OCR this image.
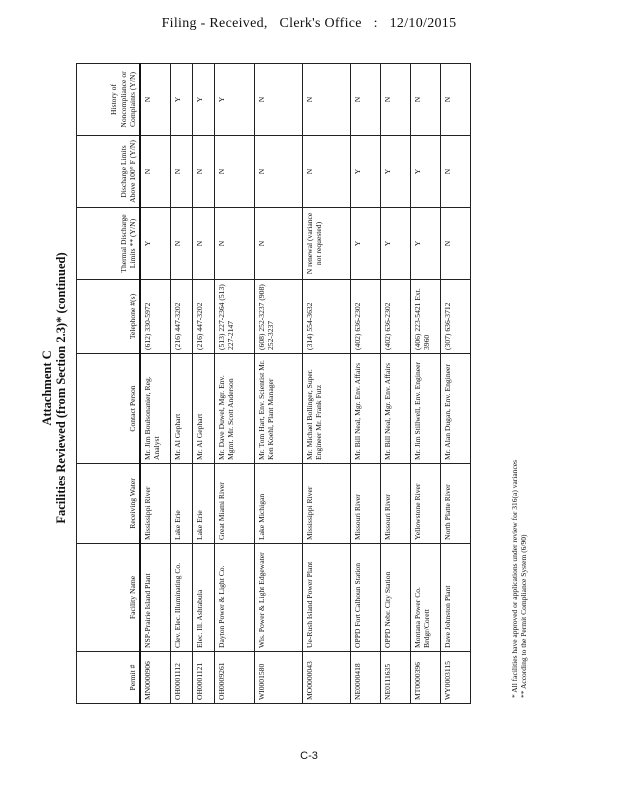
Filing - Received, Clerk's Office : 12/10/2015
Attachment C Facilities Reviewed (from Section 2.3)* (continued)
Permit #	Facility Name	Receiving Water	Contact Person	Telephone #(s)	Thermal Discharge Limits ** (Y/N)	Discharge Limits Above 100° F (Y/N)	History of Noncompliance or Complaints (Y/N)
MN0000906	NSP-Prairie Island Plant	Mississippi River	Mr. Jim Boulsonanier, Reg. Analyst	(612) 330-5972	Y	N	N
OH0001112	Clev. Elec. Illuminating Co.	Lake Erie	Mr. Al Gephart	(216) 447-3202	N	N	Y
OH0001121	Elec. Ill. Ashtabula	Lake Erie	Mr. Al Gephart	(216) 447-3202	N	N	Y
OH0009261	Dayton Power & Light Co.	Great Miami River	Mr. Dave Duwel, Mgr. Env. Mgmt. Mr. Scott Anderson	(513) 227-2364 (513) 227-2147	N	N	Y
WI0001580	Wis. Power & Light Edgewater	Lake Michigan	Mr. Tom Hart, Env. Scientist Mr. Ken Koehl, Plant Manager	(608) 252-3237 (908) 252-3237	N	N	N
MO0000043	Ue-Rush Island Power Plant	Mississippi River	Mr. Michael Bollinger, Super. Engineer Mr. Frank Futz	(314) 554-3632	N renewal (variance not requested)	N	N
NE0000418	OPPD Fort Calhoun Station	Missouri River	Mr. Bill Neal, Mgr. Env. Affairs	(402) 636-2302	Y	Y	N
NE0111635	OPPD Nebr. City Station	Missouri River	Mr. Bill Neal, Mgr. Env. Affairs	(402) 636-2302	Y	Y	N
MT0000396	Montana Power Co. Brdgr/Corett	Yellowstone River	Mr. Jim Stillwell, Env. Engineer	(406) 223-5421 Ext. 3960	Y	Y	N
WY0003115	Dave Johnston Plant	North Platte River	Mr. Alan Dugan, Env. Engineer	(307) 636-3712	N	N	N
* All facilities have approved or applications under review for 316(a) variances ** According to the Permit Compliance System (6/90)
C-3
